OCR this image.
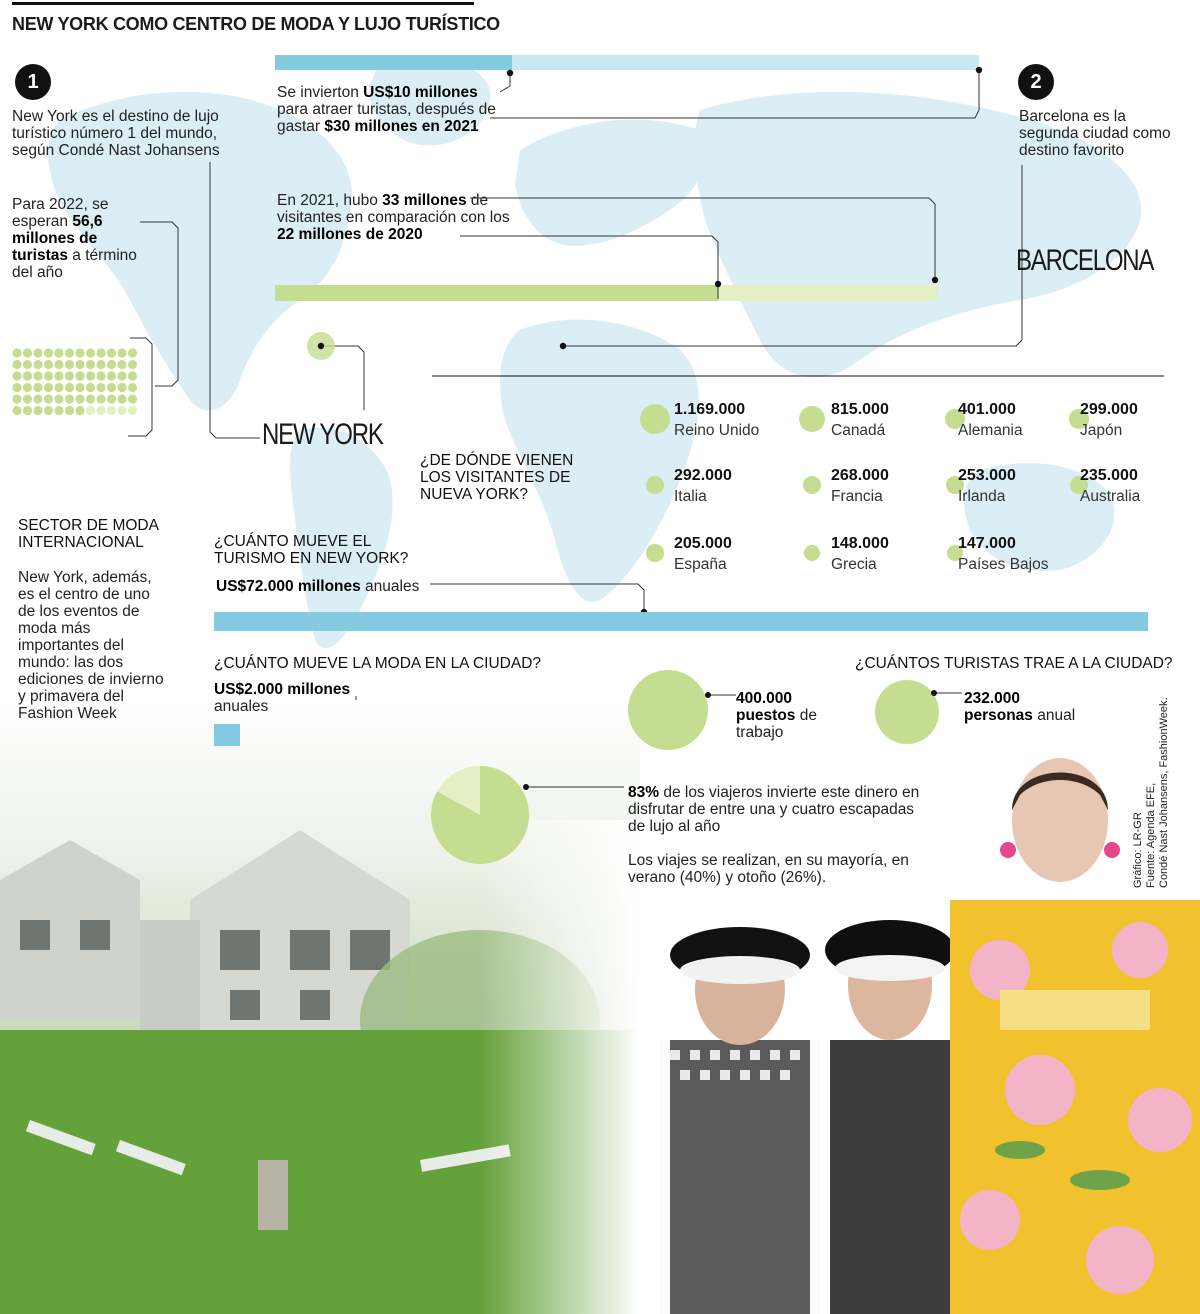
NEW YORK COMO CENTRO DE MODA Y LUJO TURÍSTICO
1
New York es el destino de lujo turístico número 1 del mundo, según Condé Nast Johansens
2
Barcelona es la segunda ciudad como destino favorito
Se invierton US$10 millones para atraer turistas, después de gastar $30 millones en 2021
En 2021, hubo 33 millones de visitantes en comparación con los 22 millones de 2020
Para 2022, se esperan 56,6 millones de turistas a término del año
NEW YORK
BARCELONA
¿DE DÓNDE VIENEN LOS VISITANTES DE NUEVA YORK?
1.169.000
Reino Unido
815.000
Canadá
401.000
Alemania
299.000
Japón
292.000
Italia
268.000
Francia
253.000
Irlanda
235.000
Australia
205.000
España
148.000
Grecia
147.000
Países Bajos
SECTOR DE MODA INTERNACIONAL
New York, además, es el centro de uno de los eventos de moda más importantes del mundo: las dos ediciones de invierno y primavera del Fashion Week
¿CUÁNTO MUEVE EL TURISMO EN NEW YORK?
US$72.000 millones anuales
¿CUÁNTO MUEVE LA MODA EN LA CIUDAD?
US$2.000 millones
anuales	400.000
puestos de
trabajo
¿CUÁNTOS TURISTAS TRAE A LA CIUDAD?
232.000
personas anual
83% de los viajeros invierte este dinero en disfrutar de entre una y cuatro escapadas de lujo al año
Los viajes se realizan, en su mayoría, en verano (40%) y otoño (26%).	Gráfico: LR-GR Fuente: Agenda EFE, Condé Nast Johansens, FashionWeek.
